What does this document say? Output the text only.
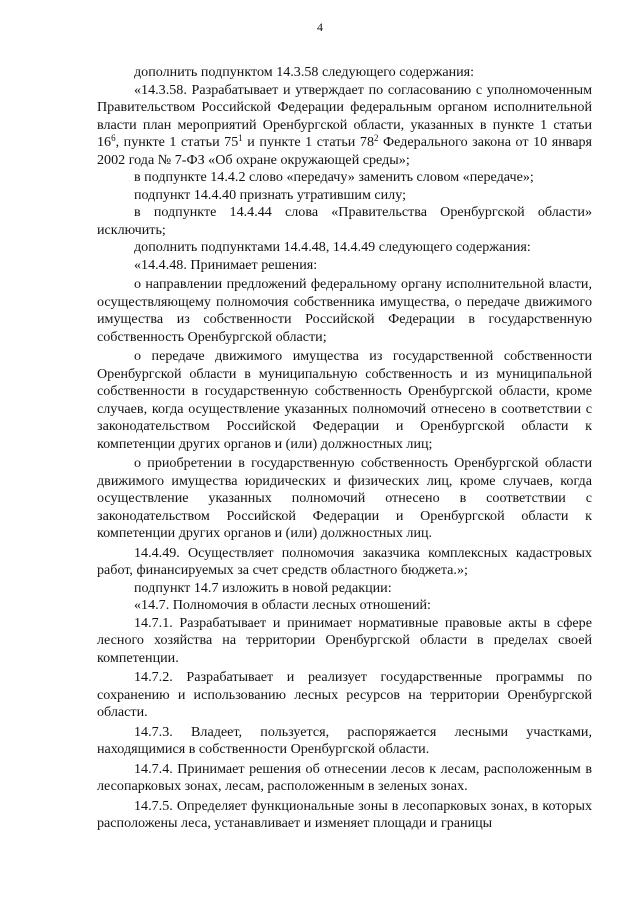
4

дополнить подпунктом 14.3.58 следующего содержания:

«14.3.58. Разрабатывает и утверждает по согласованию с уполномоченным Правительством Российской Федерации федеральным органом исполнительной власти план мероприятий Оренбургской области, указанных в пункте 1 статьи $16^6$, пункте 1 статьи $75^1$ и пункте 1 статьи $78^2$ Федерального закона от 10 января 2002 года № 7-ФЗ «Об охране окружающей среды»;

в подпункте 14.4.2 слово «передачу» заменить словом «передаче»;

подпункт 14.4.40 признать утратившим силу;

в подпункте 14.4.44 слова «Правительства Оренбургской области» исключить;

дополнить подпунктами 14.4.48, 14.4.49 следующего содержания:

«14.4.48. Принимает решения:

о направлении предложений федеральному органу исполнительной власти, осуществляющему полномочия собственника имущества, о передаче движимого имущества из собственности Российской Федерации в государственную собственность Оренбургской области;

о передаче движимого имущества из государственной собственности Оренбургской области в муниципальную собственность и из муниципальной собственности в государственную собственность Оренбургской области, кроме случаев, когда осуществление указанных полномочий отнесено в соответствии с законодательством Российской Федерации и Оренбургской области к компетенции других органов и (или) должностных лиц;

о приобретении в государственную собственность Оренбургской области движимого имущества юридических и физических лиц, кроме случаев, когда осуществление указанных полномочий отнесено в соответствии с законодательством Российской Федерации и Оренбургской области к компетенции других органов и (или) должностных лиц.

14.4.49. Осуществляет полномочия заказчика комплексных кадастровых работ, финансируемых за счет средств областного бюджета.»;

подпункт 14.7 изложить в новой редакции:

«14.7. Полномочия в области лесных отношений:

14.7.1. Разрабатывает и принимает нормативные правовые акты в сфере лесного хозяйства на территории Оренбургской области в пределах своей компетенции.

14.7.2. Разрабатывает и реализует государственные программы по сохранению и использованию лесных ресурсов на территории Оренбургской области.

14.7.3. Владеет, пользуется, распоряжается лесными участками, находящимися в собственности Оренбургской области.

14.7.4. Принимает решения об отнесении лесов к лесам, расположенным в лесопарковых зонах, лесам, расположенным в зеленых зонах.

14.7.5. Определяет функциональные зоны в лесопарковых зонах, в которых расположены леса, устанавливает и изменяет площади и границы
